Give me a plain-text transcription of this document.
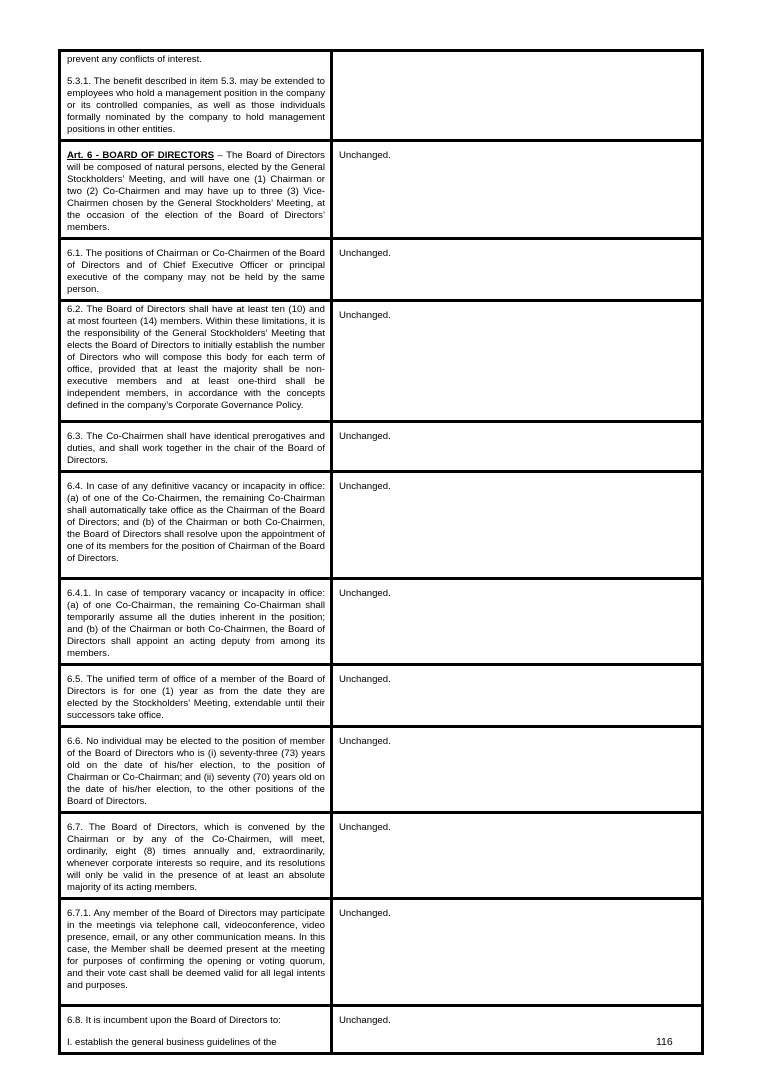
prevent any conflicts of interest.
5.3.1. The benefit described in item 5.3. may be extended to employees who hold a management position in the company or its controlled companies, as well as those individuals formally nominated by the company to hold management positions in other entities.	

Art. 6 - BOARD OF DIRECTORS – The Board of Directors will be composed of natural persons, elected by the General Stockholders’ Meeting, and will have one (1) Chairman or two (2) Co-Chairmen and may have up to three (3) Vice-Chairmen chosen by the General Stockholders’ Meeting, at the occasion of the election of the Board of Directors’ members.	Unchanged.
6.1. The positions of Chairman or Co-Chairmen of the Board of Directors and of Chief Executive Officer or principal executive of the company may not be held by the same person.	Unchanged.
6.2. The Board of Directors shall have at least ten (10) and at most fourteen (14) members. Within these limitations, it is the responsibility of the General Stockholders’ Meeting that elects the Board of Directors to initially establish the number of Directors who will compose this body for each term of office, provided that at least the majority shall be non-executive members and at least one-third shall be independent members, in accordance with the concepts defined in the company’s Corporate Governance Policy.	Unchanged.
6.3. The Co-Chairmen shall have identical prerogatives and duties, and shall work together in the chair of the Board of Directors.	Unchanged.
6.4. In case of any definitive vacancy or incapacity in office: (a) of one of the Co-Chairmen, the remaining Co-Chairman shall automatically take office as the Chairman of the Board of Directors; and (b) of the Chairman or both Co-Chairmen, the Board of Directors shall resolve upon the appointment of one of its members for the position of Chairman of the Board of Directors.	Unchanged.
6.4.1. In case of temporary vacancy or incapacity in office: (a) of one Co-Chairman, the remaining Co-Chairman shall temporarily assume all the duties inherent in the position; and (b) of the Chairman or both Co-Chairmen, the Board of Directors shall appoint an acting deputy from among its members.	Unchanged.
6.5. The unified term of office of a member of the Board of Directors is for one (1) year as from the date they are elected by the Stockholders’ Meeting, extendable until their successors take office.	Unchanged.
6.6. No individual may be elected to the position of member of the Board of Directors who is (i) seventy-three (73) years old on the date of his/her election, to the position of Chairman or Co-Chairman; and (ii) seventy (70) years old on the date of his/her election, to the other positions of the Board of Directors.	Unchanged.
6.7. The Board of Directors, which is convened by the Chairman or by any of the Co-Chairmen, will meet, ordinarily, eight (8) times annually and, extraordinarily, whenever corporate interests so require, and its resolutions will only be valid in the presence of at least an absolute majority of its acting members.	Unchanged.
6.7.1. Any member of the Board of Directors may participate in the meetings via telephone call, videoconference, video presence, email, or any other communication means. In this case, the Member shall be deemed present at the meeting for purposes of confirming the opening or voting quorum, and their vote cast shall be deemed valid for all legal intents and purposes.	Unchanged.

6.8. It is incumbent upon the Board of Directors to:
I. establish the general business guidelines of the	Unchanged.
116
